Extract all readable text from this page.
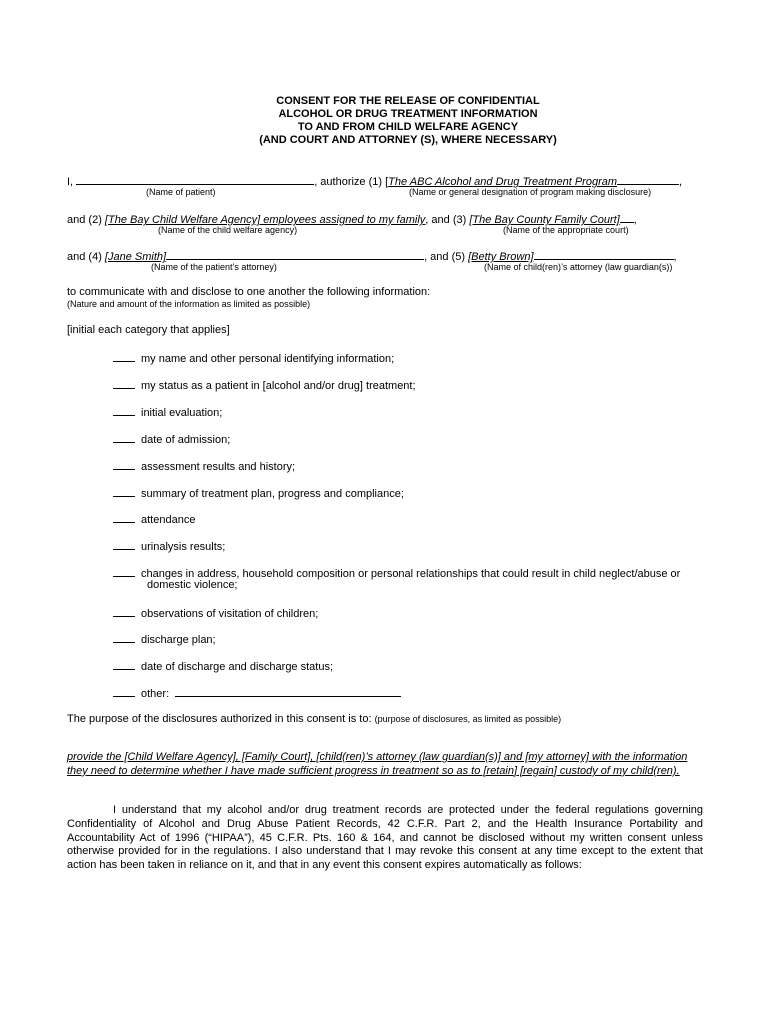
CONSENT FOR THE RELEASE OF CONFIDENTIAL
ALCOHOL OR DRUG TREATMENT INFORMATION
TO AND FROM CHILD WELFARE AGENCY
(AND COURT AND ATTORNEY (S), WHERE NECESSARY)
I,	, authorize (1) [The ABC Alcohol and Drug Treatment Program	,
(Name of patient)	(Name or general designation of program making disclosure)
and (2) [The Bay Child Welfare Agency] employees assigned to my family, and (3) [The Bay County Family Court] ,
(Name of the child welfare agency)	(Name of the appropriate court)
and (4) [Jane Smith]	, and (5) [Betty Brown]	,
(Name of the patient’s attorney)	(Name of child(ren)’s attorney (law guardian(s))
to communicate with and disclose to one another the following information:
(Nature and amount of the information as limited as possible)
[initial each category that applies]
my name and other personal identifying information;
my status as a patient in [alcohol and/or drug] treatment;
initial evaluation;
date of admission;
assessment results and history;
summary of treatment plan, progress and compliance;
attendance
urinalysis results;
changes in address, household composition or personal relationships that could result in child neglect/abuse or
domestic violence;
observations of visitation of children;
discharge plan;
date of discharge and discharge status;
other:
The purpose of the disclosures authorized in this consent is to: (purpose of disclosures, as limited as possible)
provide the [Child Welfare Agency], [Family Court], [child(ren)’s attorney (law guardian(s)] and [my attorney] with the information they need to determine whether I have made sufficient progress in treatment so as to [retain] [regain] custody of my child(ren).
I understand that my alcohol and/or drug treatment records are protected under the federal regulations governing Confidentiality of Alcohol and Drug Abuse Patient Records, 42 C.F.R. Part 2, and the Health Insurance Portability and Accountability Act of 1996 (“HIPAA”), 45 C.F.R. Pts. 160 & 164, and cannot be disclosed without my written consent unless otherwise provided for in the regulations. I also understand that I may revoke this consent at any time except to the extent that action has been taken in reliance on it, and that in any event this consent expires automatically as follows:
